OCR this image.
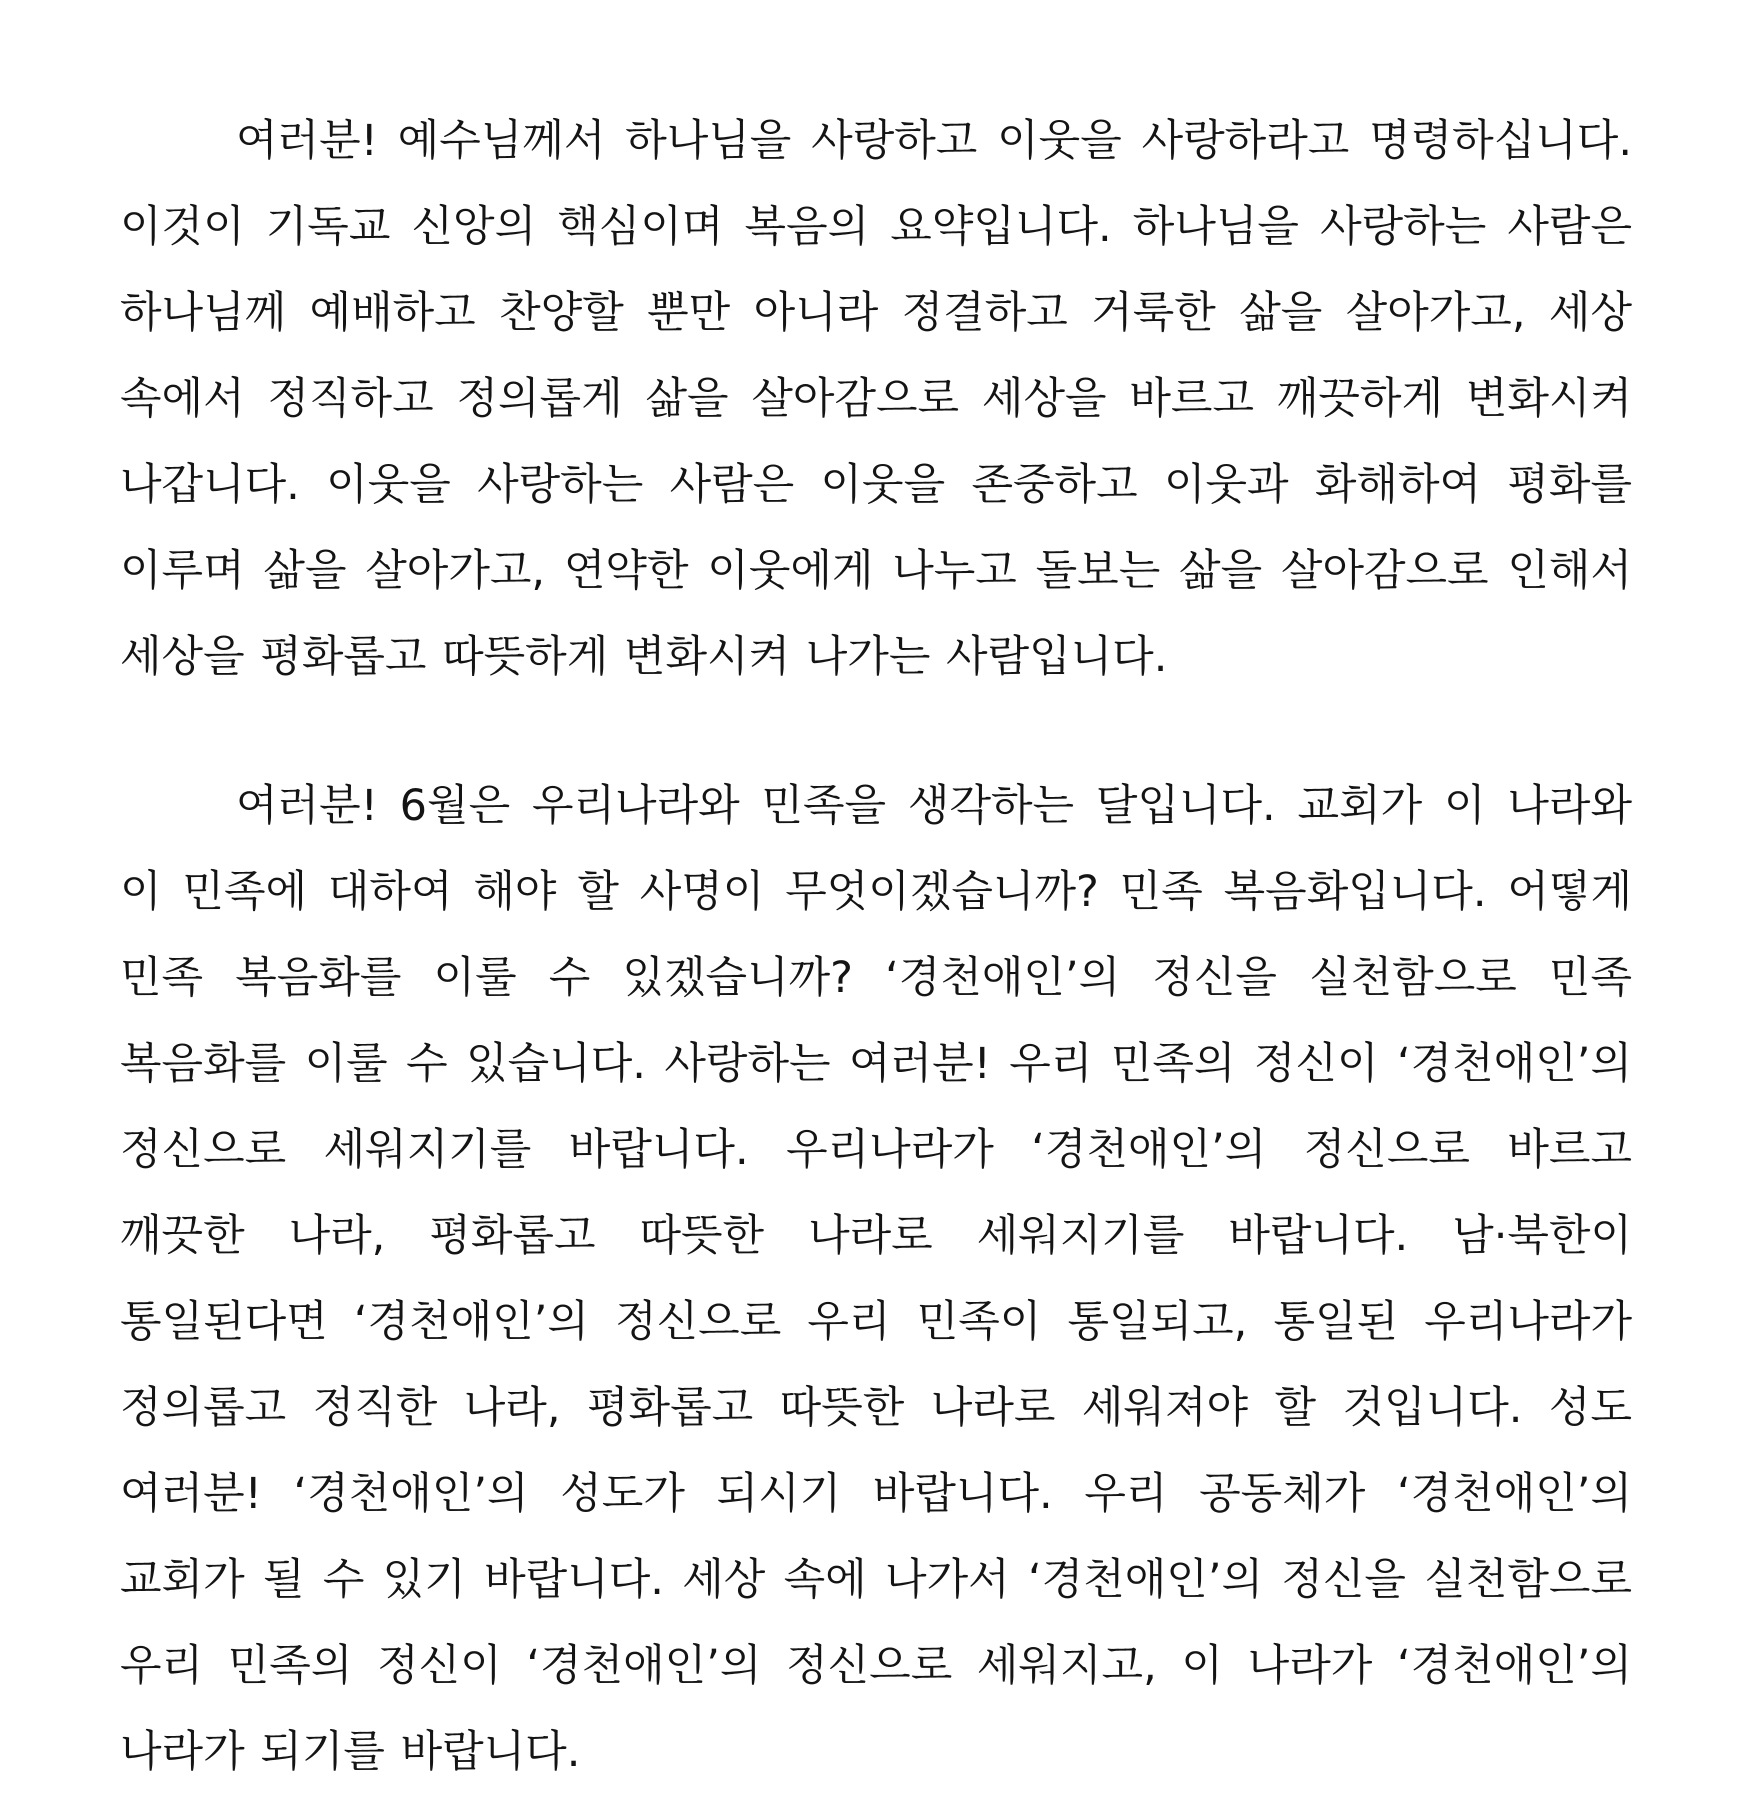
여러분! 예수님께서 하나님을 사랑하고 이웃을 사랑하라고 명령하십니다. 이것이 기독교 신앙의 핵심이며 복음의 요약입니다. 하나님을 사랑하는 사람은 하나님께 예배하고 찬양할 뿐만 아니라 정결하고 거룩한 삶을 살아가고, 세상 속에서 정직하고 정의롭게 삶을 살아감으로 세상을 바르고 깨끗하게 변화시켜 나갑니다. 이웃을 사랑하는 사람은 이웃을 존중하고 이웃과 화해하여 평화를 이루며 삶을 살아가고, 연약한 이웃에게 나누고 돌보는 삶을 살아감으로 인해서 세상을 평화롭고 따뜻하게 변화시켜 나가는 사람입니다.

여러분! 6월은 우리나라와 민족을 생각하는 달입니다. 교회가 이 나라와 이 민족에 대하여 해야 할 사명이 무엇이겠습니까? 민족 복음화입니다. 어떻게 민족 복음화를 이룰 수 있겠습니까? ‘경천애인’의 정신을 실천함으로 민족 복음화를 이룰 수 있습니다. 사랑하는 여러분! 우리 민족의 정신이 ‘경천애인’의 정신으로 세워지기를 바랍니다. 우리나라가 ‘경천애인’의 정신으로 바르고 깨끗한 나라, 평화롭고 따뜻한 나라로 세워지기를 바랍니다. 남·북한이 통일된다면 ‘경천애인’의 정신으로 우리 민족이 통일되고, 통일된 우리나라가 정의롭고 정직한 나라, 평화롭고 따뜻한 나라로 세워져야 할 것입니다. 성도 여러분! ‘경천애인’의 성도가 되시기 바랍니다. 우리 공동체가 ‘경천애인’의 교회가 될 수 있기 바랍니다. 세상 속에 나가서 ‘경천애인’의 정신을 실천함으로 우리 민족의 정신이 ‘경천애인’의 정신으로 세워지고, 이 나라가 ‘경천애인’의 나라가 되기를 바랍니다.
